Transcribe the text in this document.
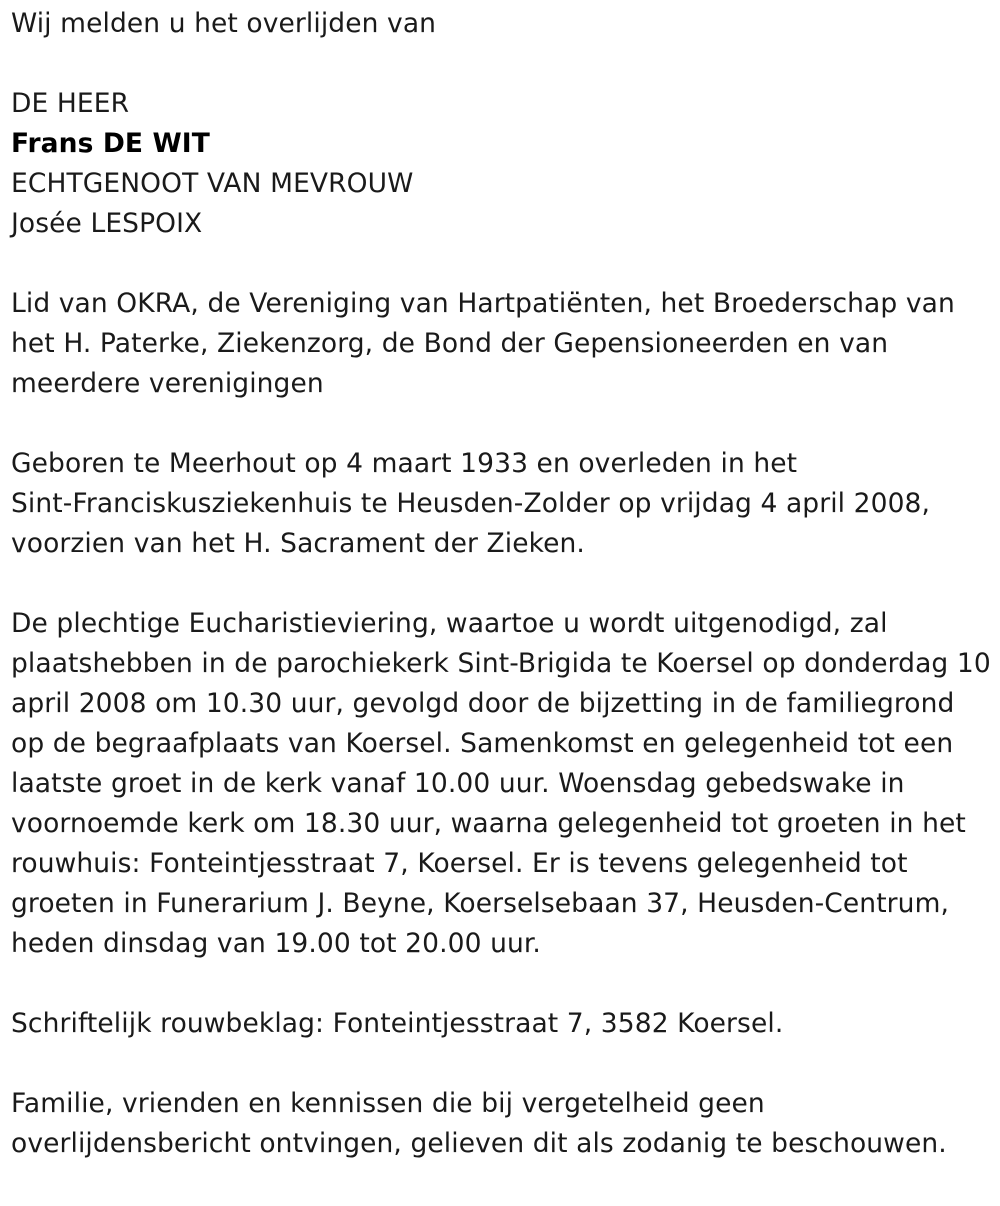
Wij melden u het overlijden van
DE HEER
Frans DE WIT
ECHTGENOOT VAN MEVROUW
Josée LESPOIX
Lid van OKRA, de Vereniging van Hartpatiënten, het Broederschap van
het H. Paterke, Ziekenzorg, de Bond der Gepensioneerden en van
meerdere verenigingen
Geboren te Meerhout op 4 maart 1933 en overleden in het
Sint-Franciskusziekenhuis te Heusden-Zolder op vrijdag 4 april 2008,
voorzien van het H. Sacrament der Zieken.
De plechtige Eucharistieviering, waartoe u wordt uitgenodigd, zal
plaatshebben in de parochiekerk Sint-Brigida te Koersel op donderdag 10
april 2008 om 10.30 uur, gevolgd door de bijzetting in de familiegrond
op de begraafplaats van Koersel. Samenkomst en gelegenheid tot een
laatste groet in de kerk vanaf 10.00 uur. Woensdag gebedswake in
voornoemde kerk om 18.30 uur, waarna gelegenheid tot groeten in het
rouwhuis: Fonteintjesstraat 7, Koersel. Er is tevens gelegenheid tot
groeten in Funerarium J. Beyne, Koerselsebaan 37, Heusden-Centrum,
heden dinsdag van 19.00 tot 20.00 uur.
Schriftelijk rouwbeklag: Fonteintjesstraat 7, 3582 Koersel.
Familie, vrienden en kennissen die bij vergetelheid geen
overlijdensbericht ontvingen, gelieven dit als zodanig te beschouwen.
